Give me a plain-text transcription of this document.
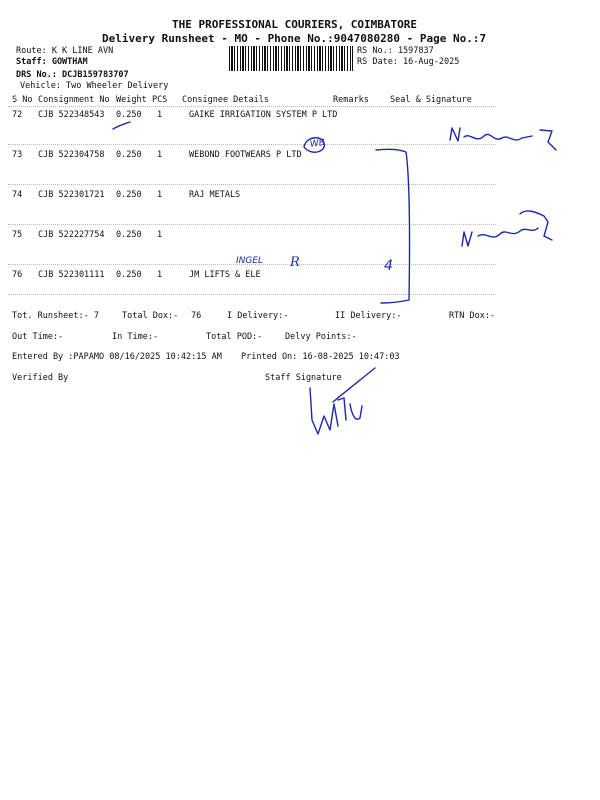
THE PROFESSIONAL COURIERS, COIMBATORE
Delivery Runsheet - MO - Phone No.:9047080280 - Page No.:7
Route: K K LINE AVN
Staff: GOWTHAM
DRS No.: DCJB159783707
Vehicle: Two Wheeler Delivery
RS No.: 1597837
RS Date: 16-Aug-2025
S No Consignment No Weight PCS Consignee Details	Remarks Seal & Signature
72 CJB 522348543 0.250 1	GAIKE IRRIGATION SYSTEM P LTD
73 CJB 522304758 0.250 1	WEBOND FOOTWEARS P LTD
74 CJB 522301721 0.250 1	RAJ METALS
75 CJB 522227754 0.250 1
76 CJB 522301111 0.250 1	JM LIFTS & ELE
Tot. Runsheet:- 7	Total Dox:- 76	I Delivery:-	II Delivery:-	RTN Dox:-
Out Time:-	In Time:-	Total POD:-	Delvy Points:-
Entered By :PAPAMO 08/16/2025 10:42:15 AM Printed On: 16-08-2025 10:47:03
Verified By	Staff Signature
WB
INGEL R	4
